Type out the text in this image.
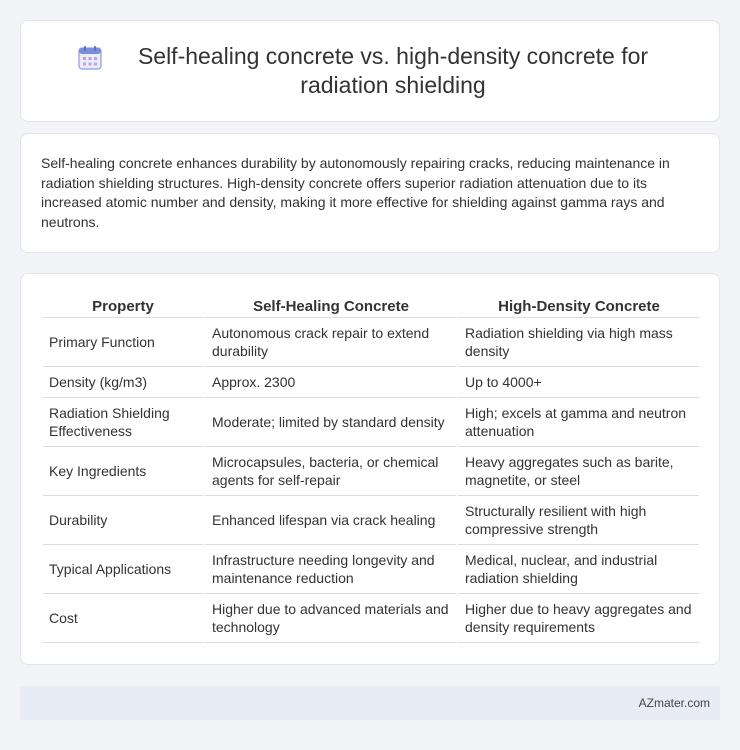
Self-healing concrete vs. high-density concrete for radiation shielding

Self-healing concrete enhances durability by autonomously repairing cracks, reducing maintenance in radiation shielding structures. High-density concrete offers superior radiation attenuation due to its increased atomic number and density, making it more effective for shielding against gamma rays and neutrons.

Property	Self-Healing Concrete	High-Density Concrete
Primary Function	Autonomous crack repair to extend durability	Radiation shielding via high mass density
Density (kg/m3)	Approx. 2300	Up to 4000+
Radiation Shielding Effectiveness	Moderate; limited by standard density	High; excels at gamma and neutron attenuation
Key Ingredients	Microcapsules, bacteria, or chemical agents for self-repair	Heavy aggregates such as barite, magnetite, or steel
Durability	Enhanced lifespan via crack healing	Structurally resilient with high compressive strength
Typical Applications	Infrastructure needing longevity and maintenance reduction	Medical, nuclear, and industrial radiation shielding
Cost	Higher due to advanced materials and technology	Higher due to heavy aggregates and density requirements
AZmater.com
